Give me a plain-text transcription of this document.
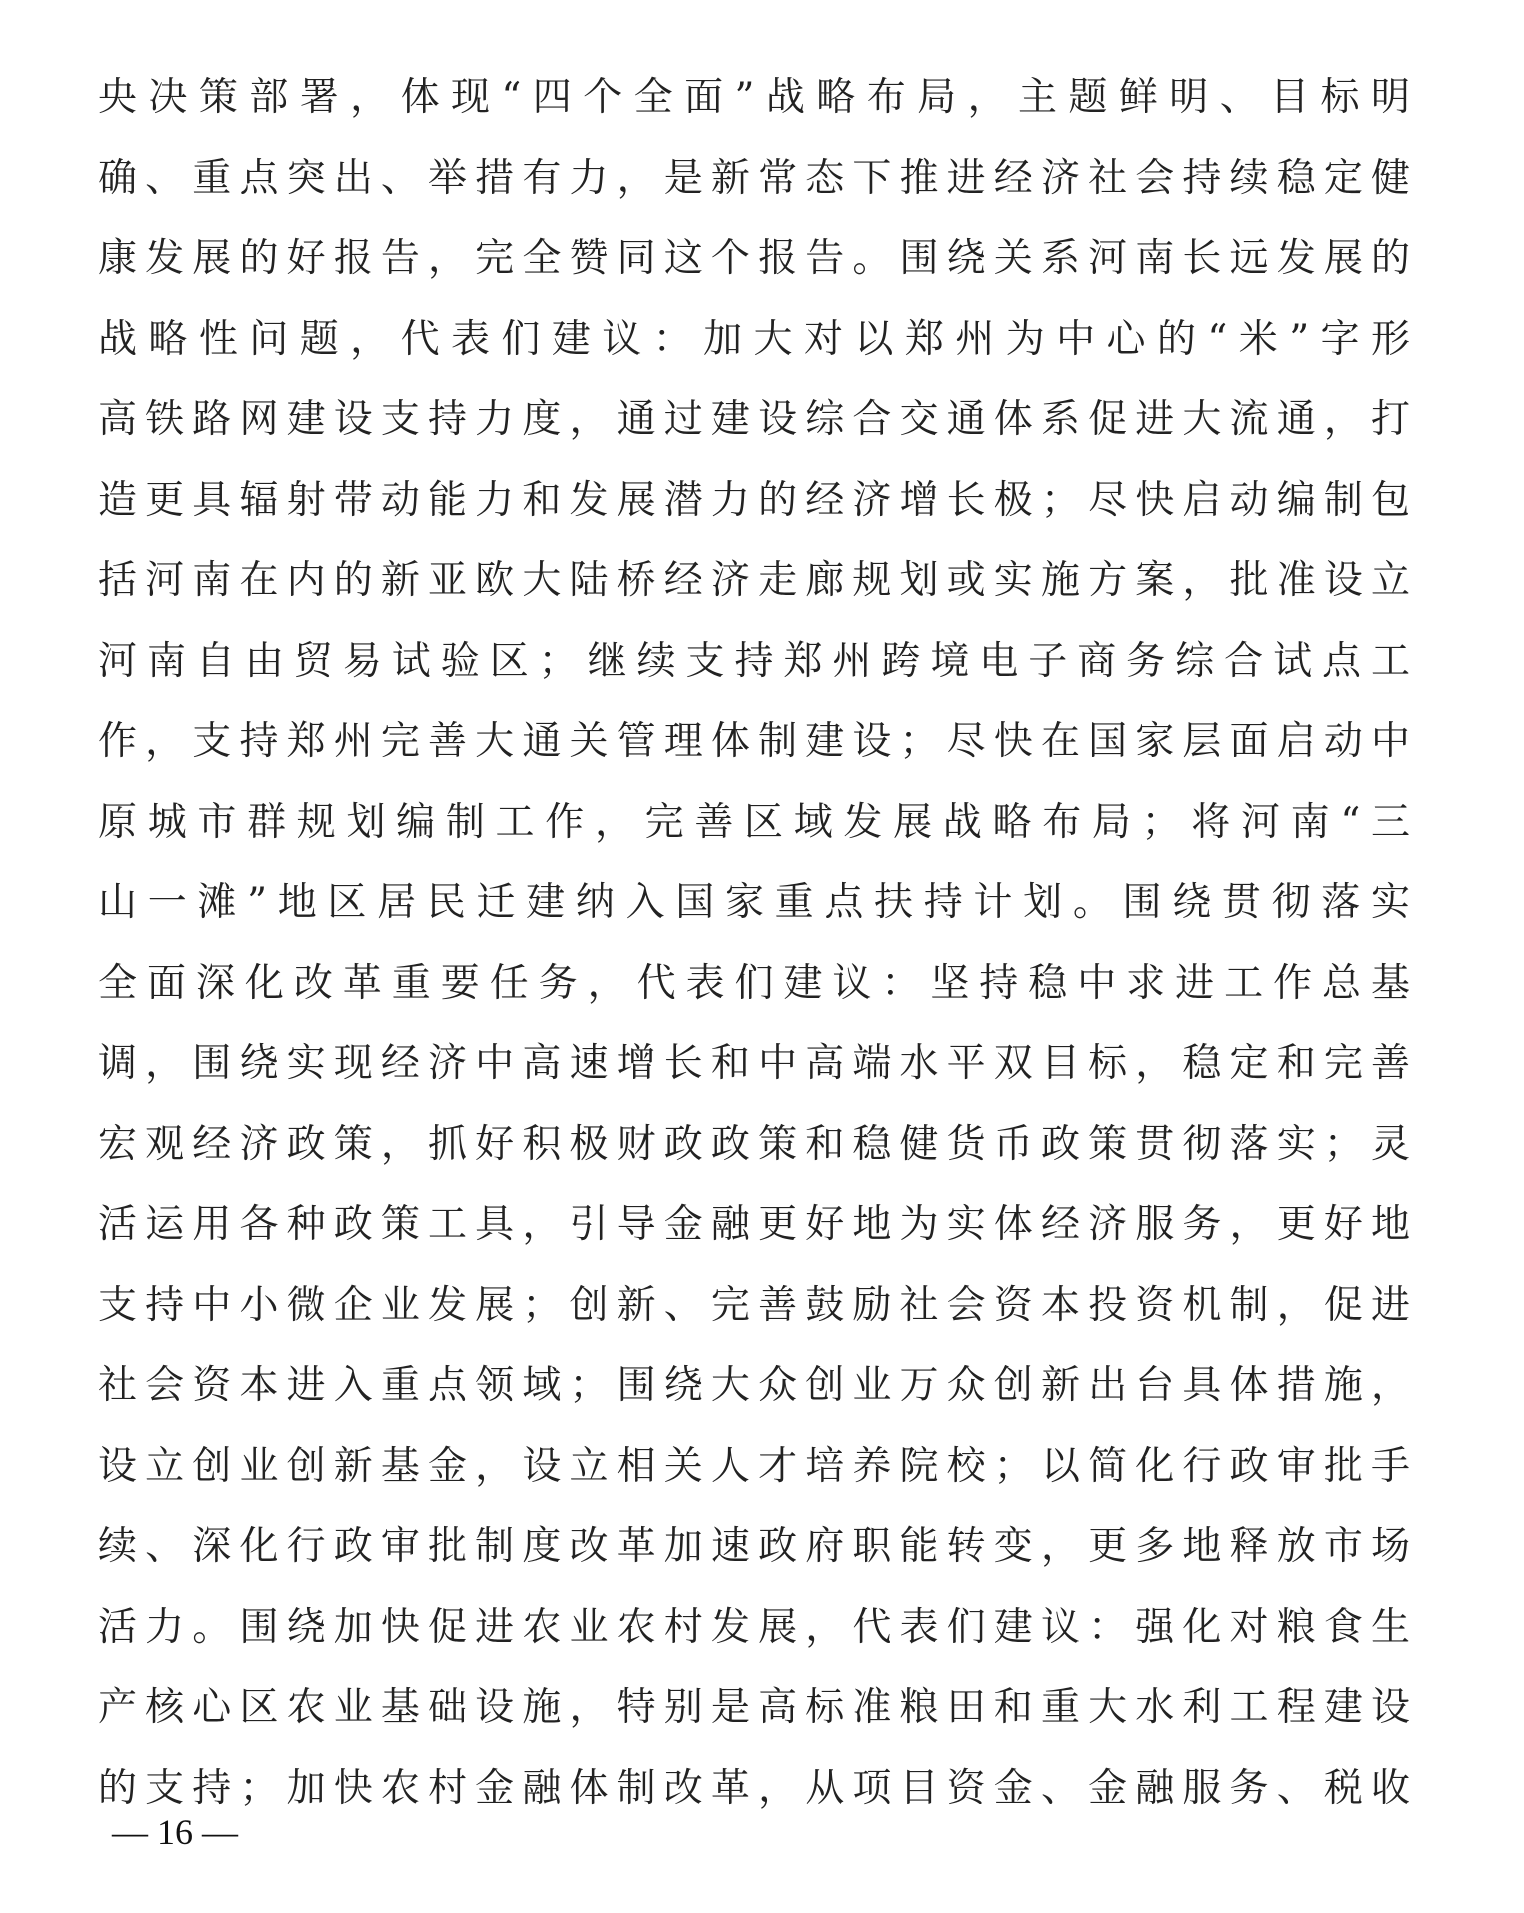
央决策部署，体现“四个全面”战略布局，主题鲜明、目标明
确、重点突出、举措有力，是新常态下推进经济社会持续稳定健
康发展的好报告，完全赞同这个报告。围绕关系河南长远发展的
战略性问题，代表们建议：加大对以郑州为中心的“米”字形
高铁路网建设支持力度，通过建设综合交通体系促进大流通，打
造更具辐射带动能力和发展潜力的经济增长极；尽快启动编制包
括河南在内的新亚欧大陆桥经济走廊规划或实施方案，批准设立
河南自由贸易试验区；继续支持郑州跨境电子商务综合试点工
作，支持郑州完善大通关管理体制建设；尽快在国家层面启动中
原城市群规划编制工作，完善区域发展战略布局；将河南“三
山一滩”地区居民迁建纳入国家重点扶持计划。围绕贯彻落实
全面深化改革重要任务，代表们建议：坚持稳中求进工作总基
调，围绕实现经济中高速增长和中高端水平双目标，稳定和完善
宏观经济政策，抓好积极财政政策和稳健货币政策贯彻落实；灵
活运用各种政策工具，引导金融更好地为实体经济服务，更好地
支持中小微企业发展；创新、完善鼓励社会资本投资机制，促进
社会资本进入重点领域；围绕大众创业万众创新出台具体措施，
设立创业创新基金，设立相关人才培养院校；以简化行政审批手
续、深化行政审批制度改革加速政府职能转变，更多地释放市场
活力。围绕加快促进农业农村发展，代表们建议：强化对粮食生
产核心区农业基础设施，特别是高标准粮田和重大水利工程建设
的支持；加快农村金融体制改革，从项目资金、金融服务、税收
— 16 —
